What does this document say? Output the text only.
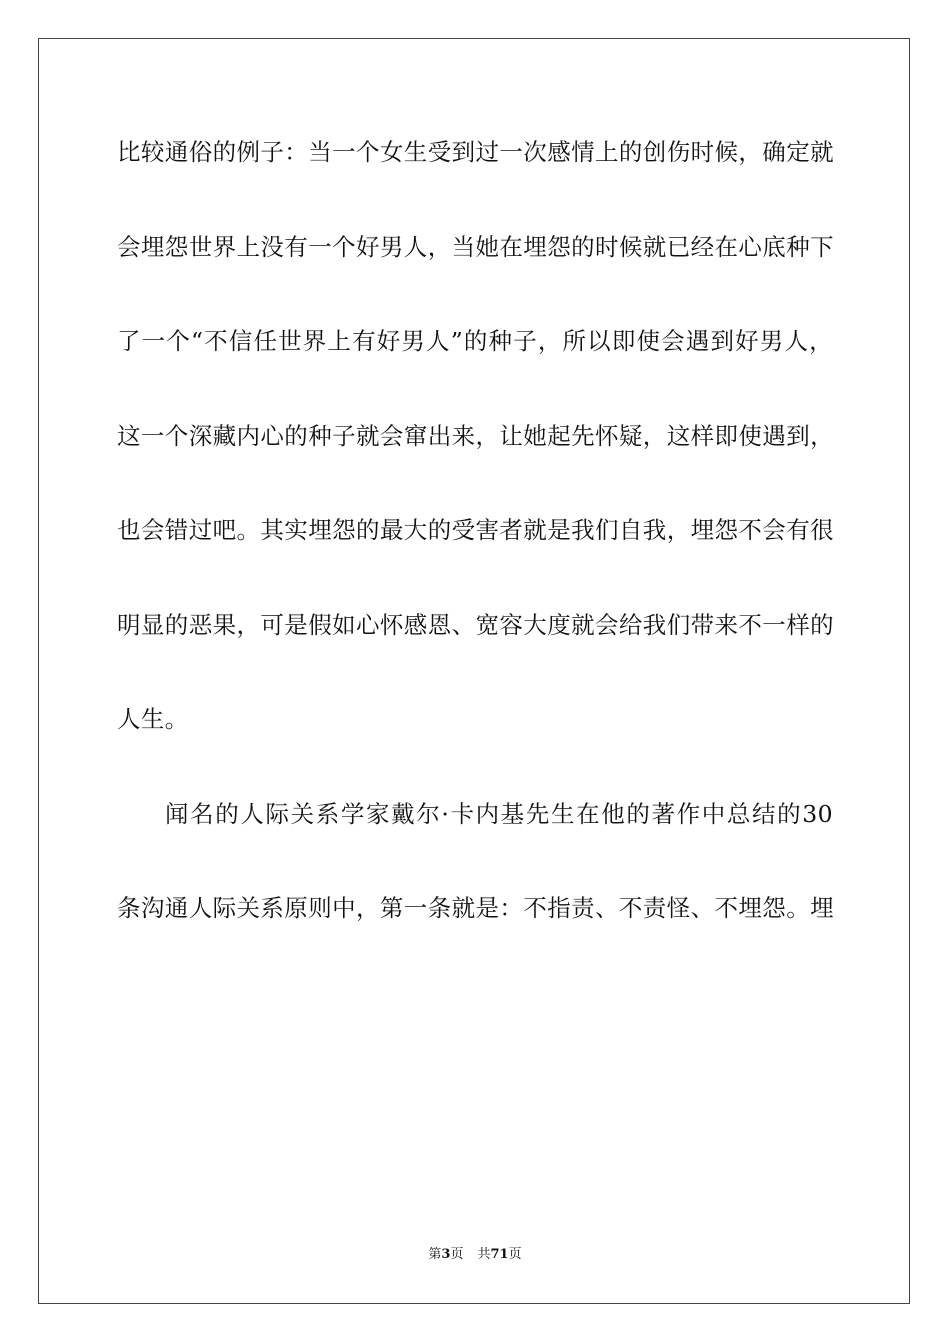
比较通俗的例子：当一个女生受到过一次感情上的创伤时候，确定就
会埋怨世界上没有一个好男人，当她在埋怨的时候就已经在心底种下
了一个“不信任世界上有好男人”的种子，所以即使会遇到好男人，
这一个深藏内心的种子就会窜出来，让她起先怀疑，这样即使遇到，
也会错过吧。其实埋怨的最大的受害者就是我们自我，埋怨不会有很
明显的恶果，可是假如心怀感恩、宽容大度就会给我们带来不一样的
人生。
闻名的人际关系学家戴尔·卡内基先生在他的著作中总结的30
条沟通人际关系原则中，第一条就是：不指责、不责怪、不埋怨。埋
第3页 共71页
